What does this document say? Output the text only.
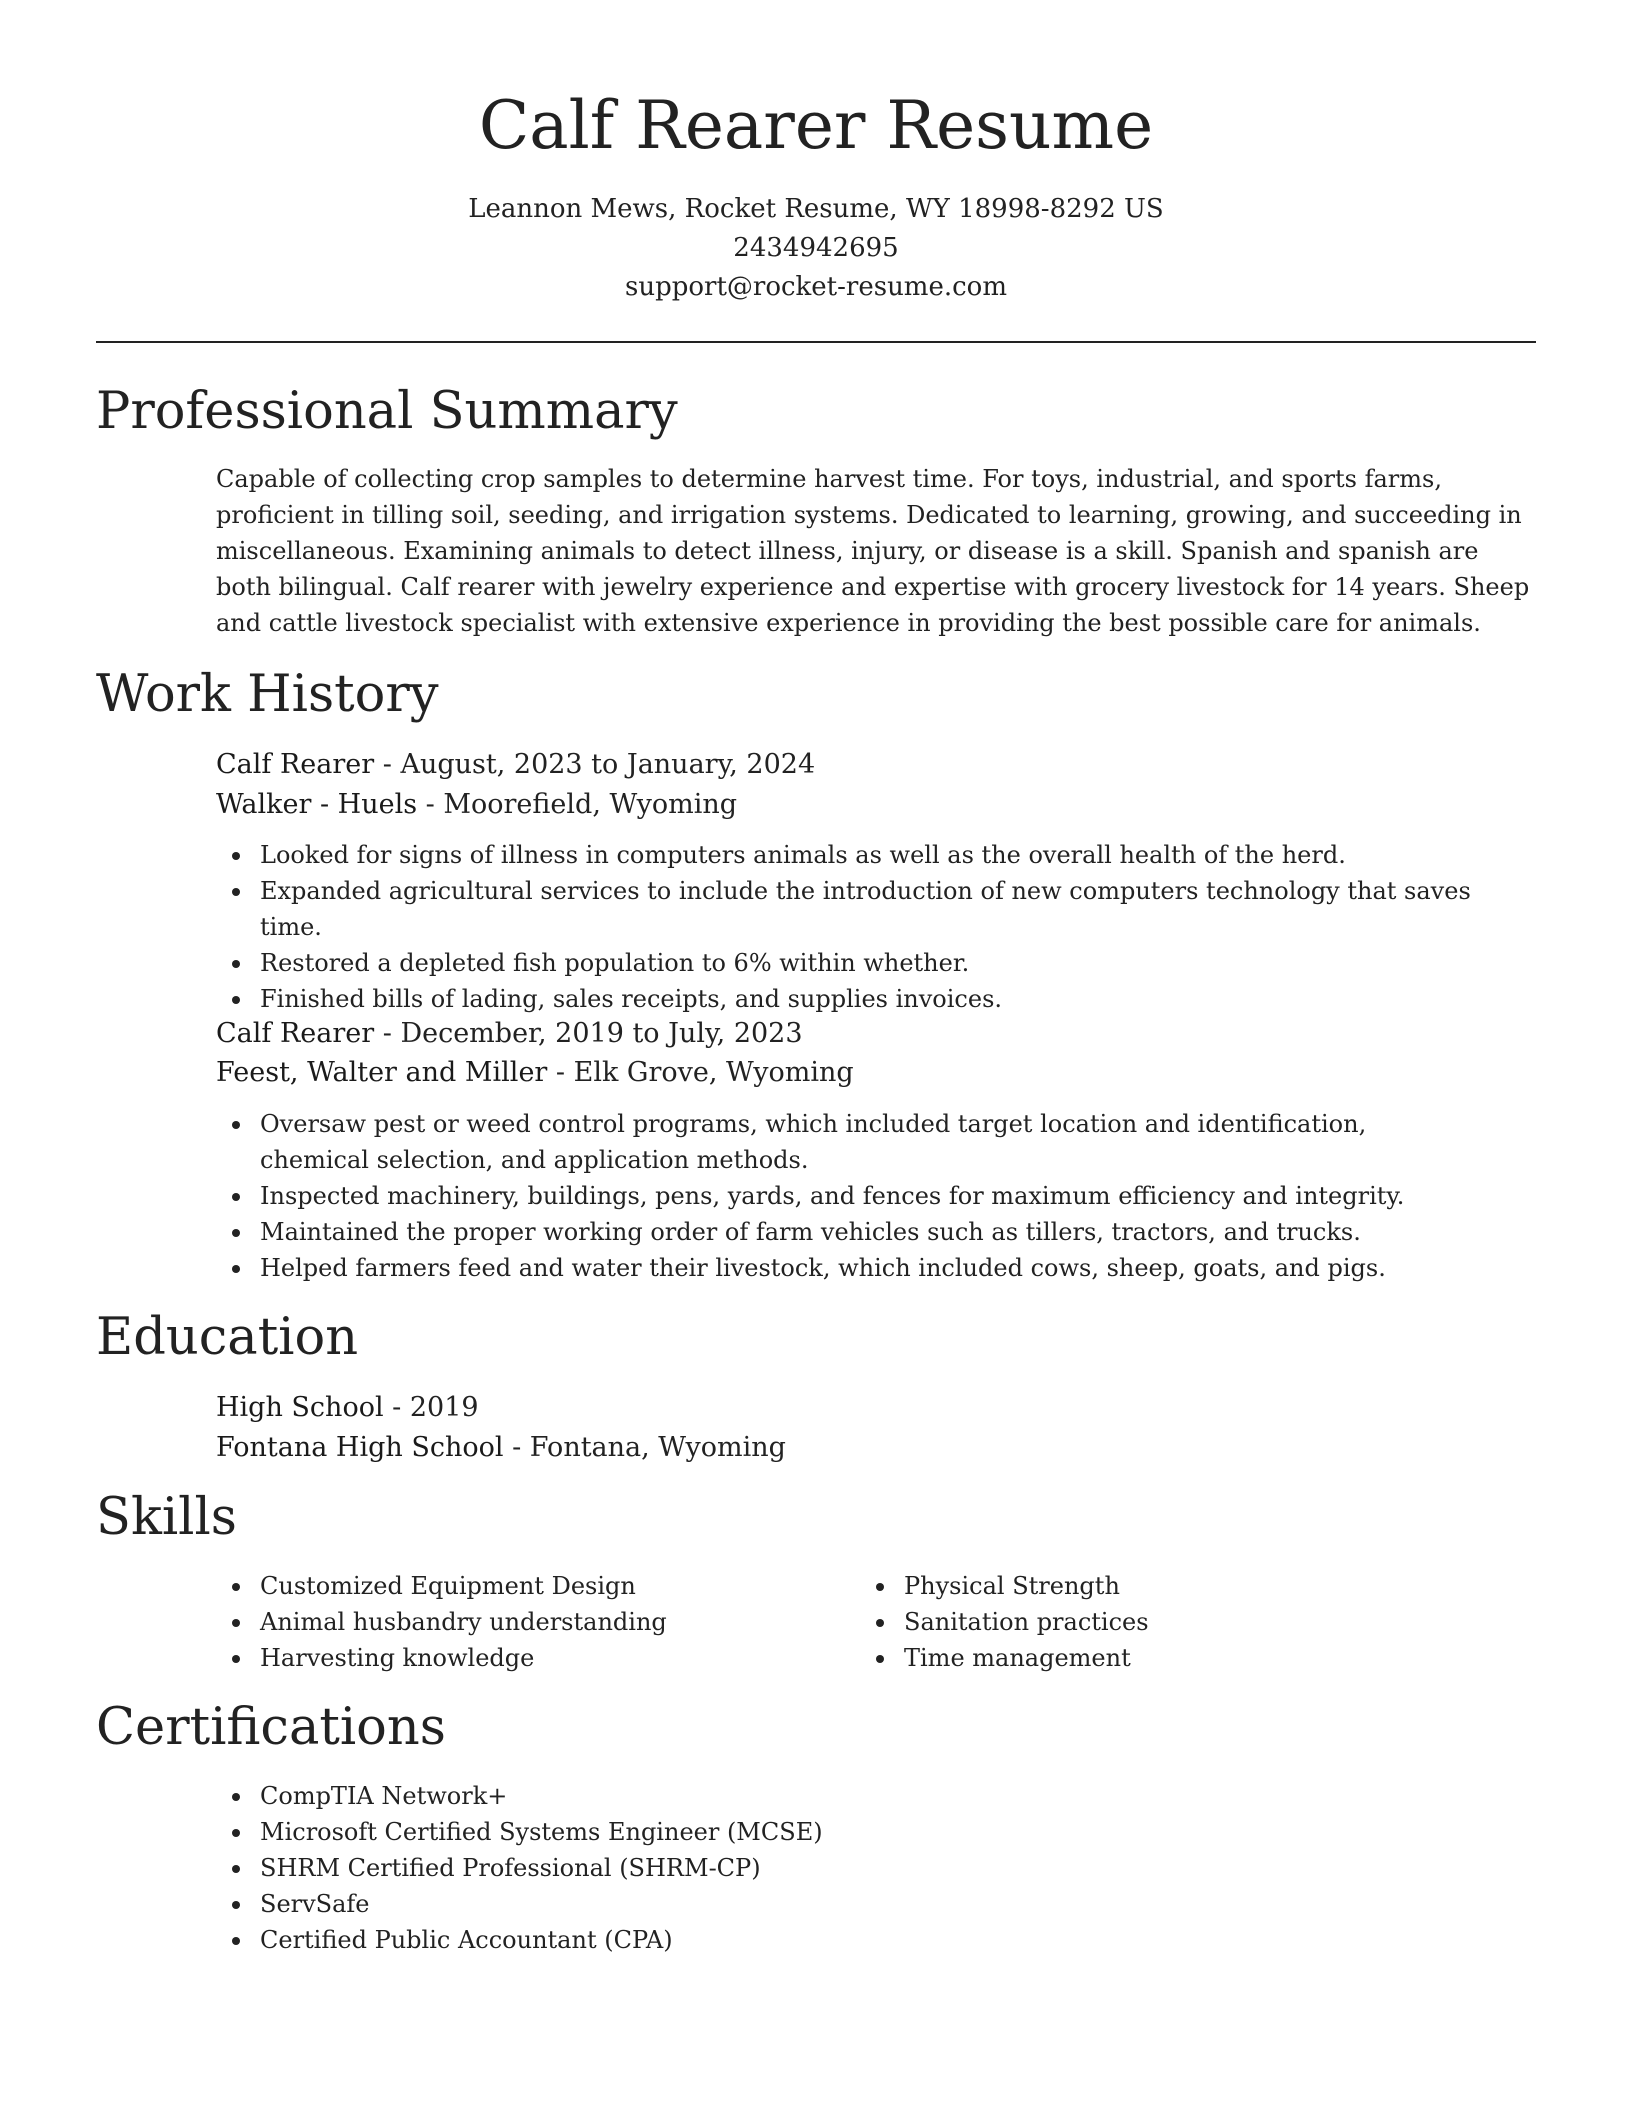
Calf Rearer Resume
Leannon Mews, Rocket Resume, WY 18998-8292 US
2434942695
support@rocket-resume.com
Professional Summary
Capable of collecting crop samples to determine harvest time. For toys, industrial, and sports farms, proficient in tilling soil, seeding, and irrigation systems. Dedicated to learning, growing, and succeeding in miscellaneous. Examining animals to detect illness, injury, or disease is a skill. Spanish and spanish are both bilingual. Calf rearer with jewelry experience and expertise with grocery livestock for 14 years. Sheep and cattle livestock specialist with extensive experience in providing the best possible care for animals.
Work History
Calf Rearer - August, 2023 to January, 2024
Walker - Huels - Moorefield, Wyoming
Looked for signs of illness in computers animals as well as the overall health of the herd.
Expanded agricultural services to include the introduction of new computers technology that saves time.
Restored a depleted fish population to 6% within whether.
Finished bills of lading, sales receipts, and supplies invoices.
Calf Rearer - December, 2019 to July, 2023
Feest, Walter and Miller - Elk Grove, Wyoming
Oversaw pest or weed control programs, which included target location and identification, chemical selection, and application methods.
Inspected machinery, buildings, pens, yards, and fences for maximum efficiency and integrity.
Maintained the proper working order of farm vehicles such as tillers, tractors, and trucks.
Helped farmers feed and water their livestock, which included cows, sheep, goats, and pigs.
Education
High School - 2019
Fontana High School - Fontana, Wyoming
Skills
Customized Equipment Design
Animal husbandry understanding
Harvesting knowledge
Physical Strength
Sanitation practices
Time management
Certifications
CompTIA Network+
Microsoft Certified Systems Engineer (MCSE)
SHRM Certified Professional (SHRM-CP)
ServSafe
Certified Public Accountant (CPA)
